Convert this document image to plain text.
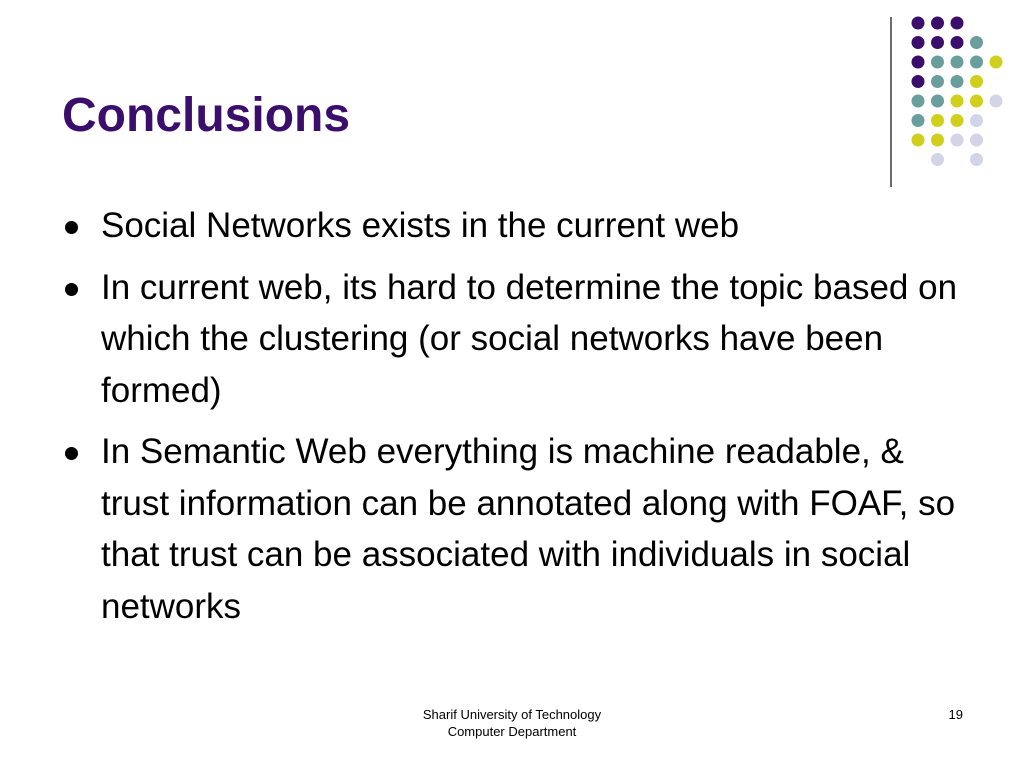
Conclusions
Social Networks exists in the current web
In current web, its hard to determine the topic based on which the clustering (or social networks have been formed)
In Semantic Web everything is machine readable, & trust information can be annotated along with FOAF, so that trust can be associated with individuals in social networks
Sharif University of Technology
Computer Department
19
